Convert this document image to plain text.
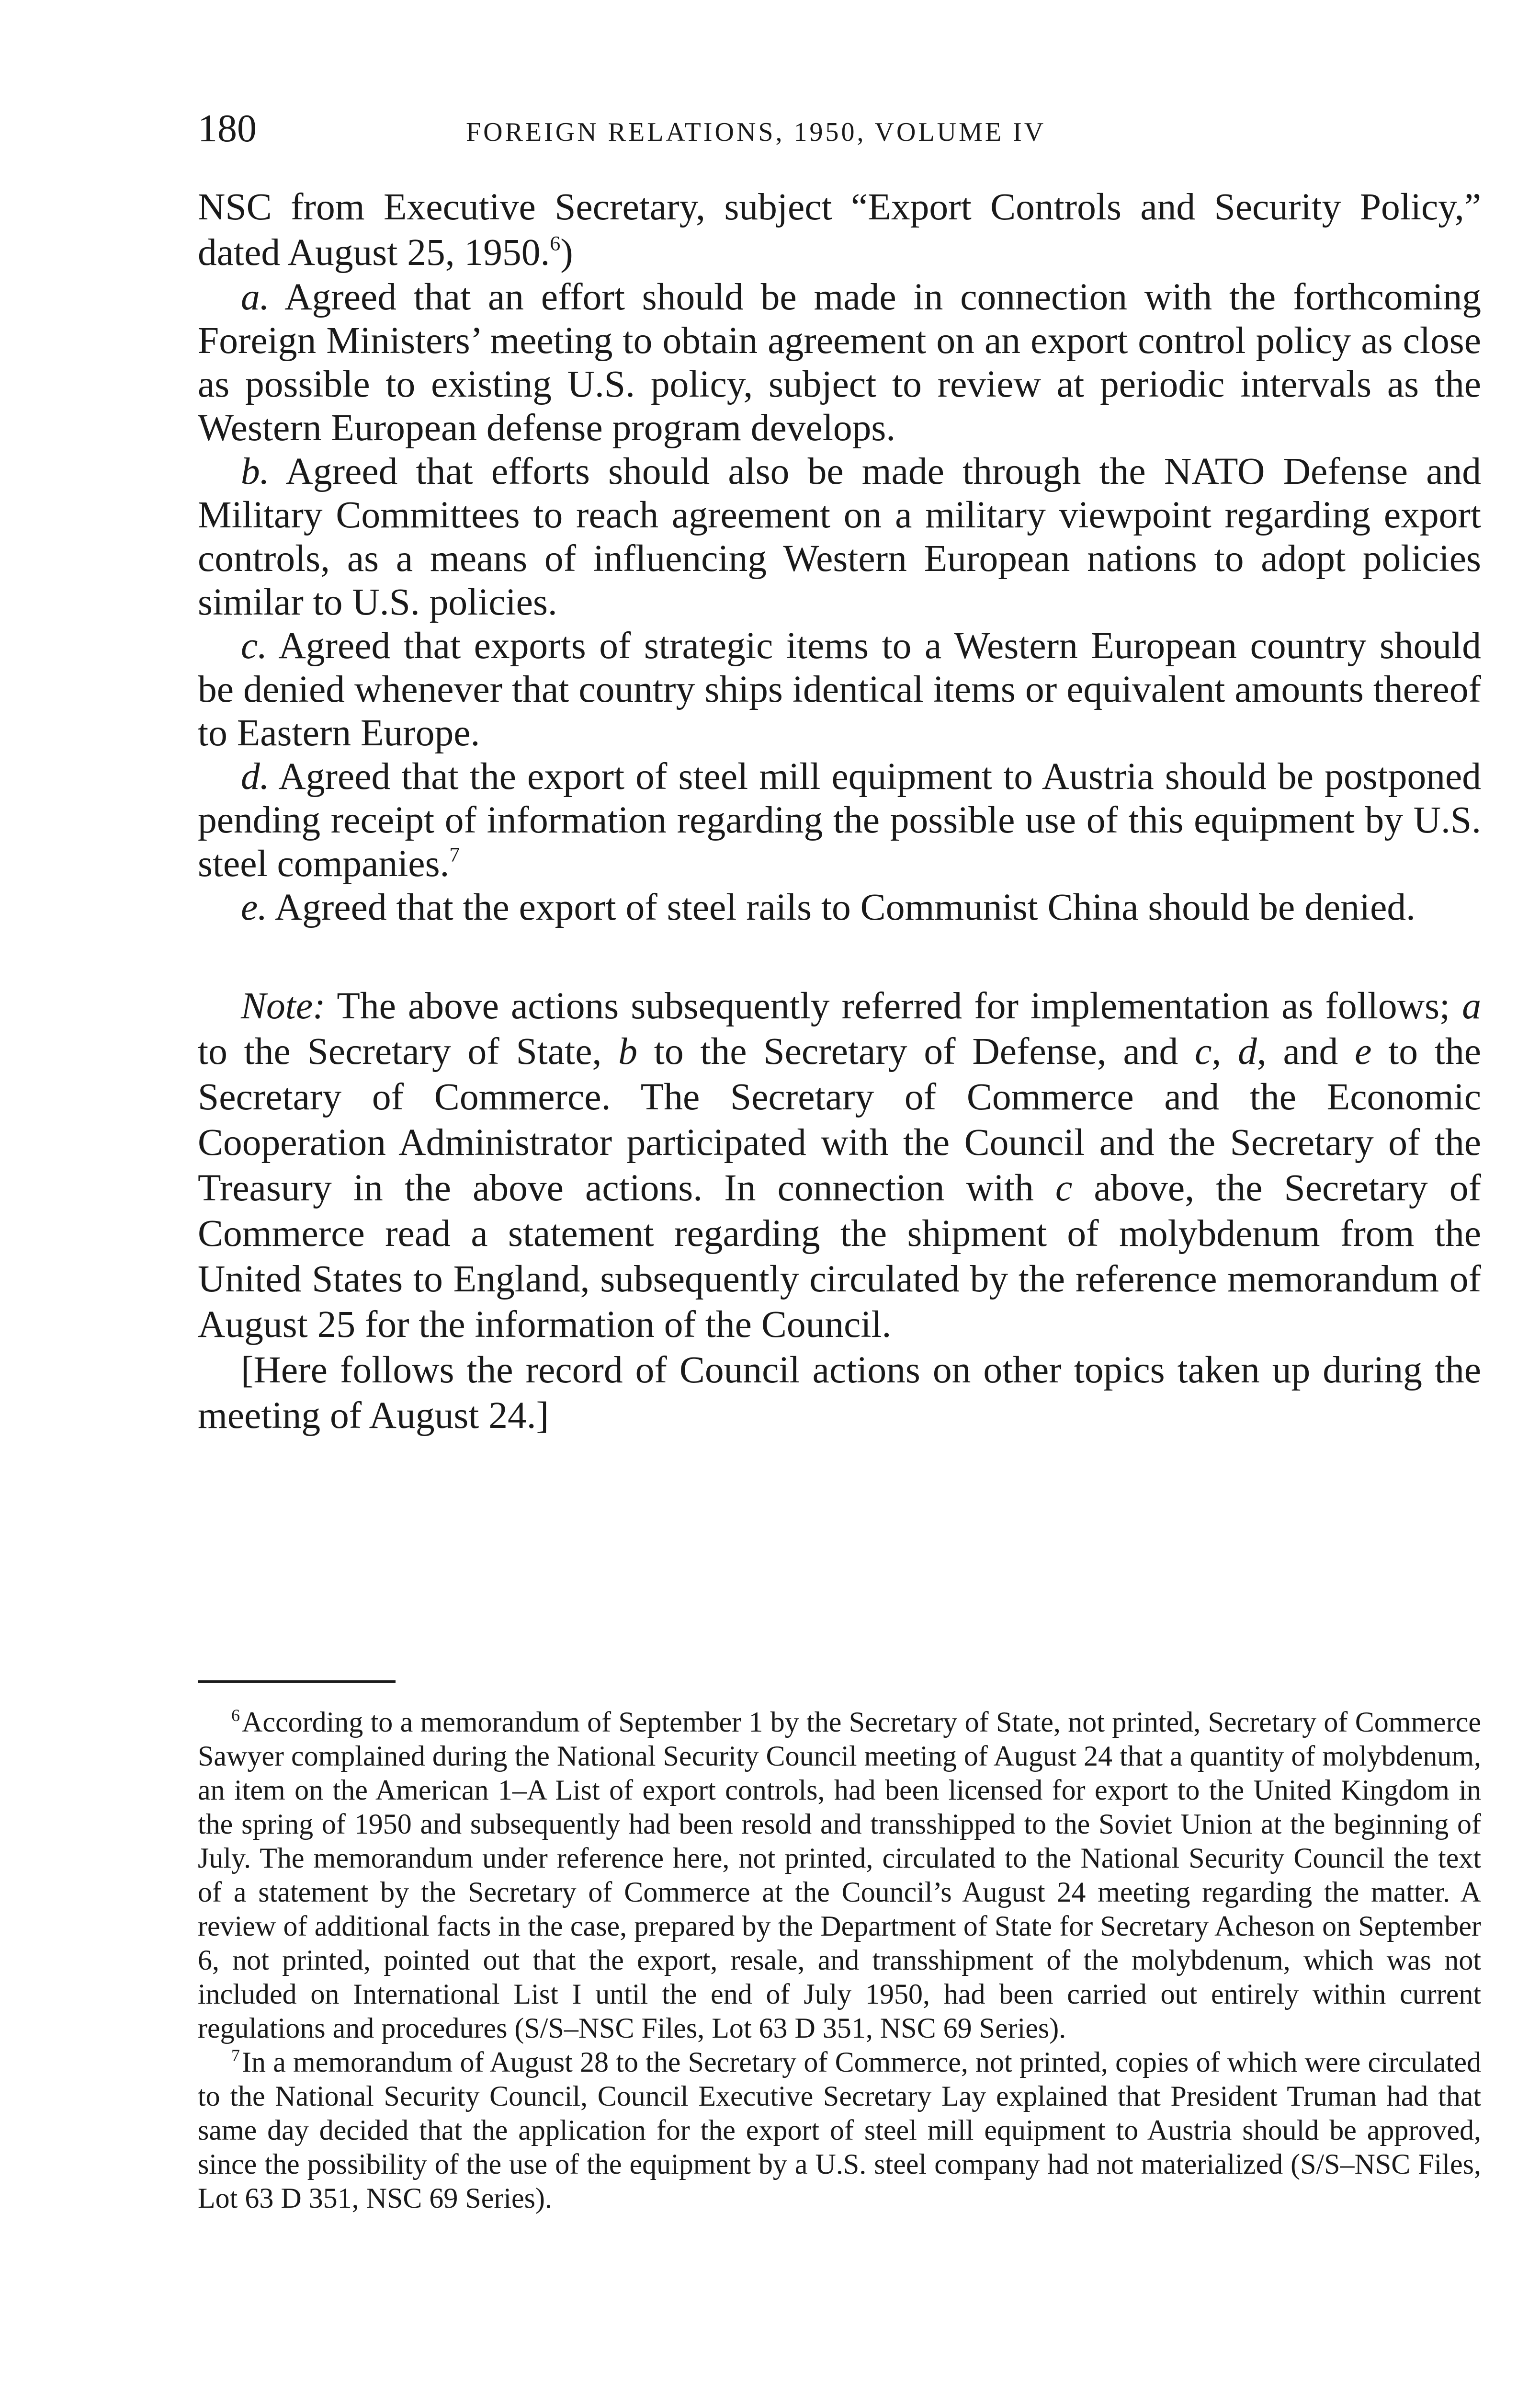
180	FOREIGN RELATIONS, 1950, VOLUME IV

NSC from Executive Secretary, subject “Export Controls and Security Policy,” dated August 25, 1950.$^6$)

a. Agreed that an effort should be made in connection with the forthcoming Foreign Ministers’ meeting to obtain agreement on an export control policy as close as possible to existing U.S. policy, subject to review at periodic intervals as the Western European defense program develops.

b. Agreed that efforts should also be made through the NATO Defense and Military Committees to reach agreement on a military viewpoint regarding export controls, as a means of influencing Western European nations to adopt policies similar to U.S. policies.

c. Agreed that exports of strategic items to a Western European country should be denied whenever that country ships identical items or equivalent amounts thereof to Eastern Europe.

d. Agreed that the export of steel mill equipment to Austria should be postponed pending receipt of information regarding the possible use of this equipment by U.S. steel companies.$^7$

e. Agreed that the export of steel rails to Communist China should be denied.

Note: The above actions subsequently referred for implementation as follows; a to the Secretary of State, b to the Secretary of Defense, and c, d, and e to the Secretary of Commerce. The Secretary of Commerce and the Economic Cooperation Administrator participated with the Council and the Secretary of the Treasury in the above actions. In connection with c above, the Secretary of Commerce read a statement regarding the shipment of molybdenum from the United States to England, subsequently circulated by the reference memorandum of August 25 for the information of the Council.

[Here follows the record of Council actions on other topics taken up during the meeting of August 24.]

$^6$According to a memorandum of September 1 by the Secretary of State, not printed, Secretary of Commerce Sawyer complained during the National Security Council meeting of August 24 that a quantity of molybdenum, an item on the American 1–A List of export controls, had been licensed for export to the United Kingdom in the spring of 1950 and subsequently had been resold and transshipped to the Soviet Union at the beginning of July. The memorandum under reference here, not printed, circulated to the National Security Council the text of a statement by the Secretary of Commerce at the Council’s August 24 meeting regarding the matter. A review of additional facts in the case, prepared by the Department of State for Secretary Acheson on September 6, not printed, pointed out that the export, resale, and transshipment of the molybdenum, which was not included on International List I until the end of July 1950, had been carried out entirely within current regulations and procedures (S/S–NSC Files, Lot 63 D 351, NSC 69 Series).

$^7$In a memorandum of August 28 to the Secretary of Commerce, not printed, copies of which were circulated to the National Security Council, Council Executive Secretary Lay explained that President Truman had that same day decided that the application for the export of steel mill equipment to Austria should be approved, since the possibility of the use of the equipment by a U.S. steel company had not materialized (S/S–NSC Files, Lot 63 D 351, NSC 69 Series).
